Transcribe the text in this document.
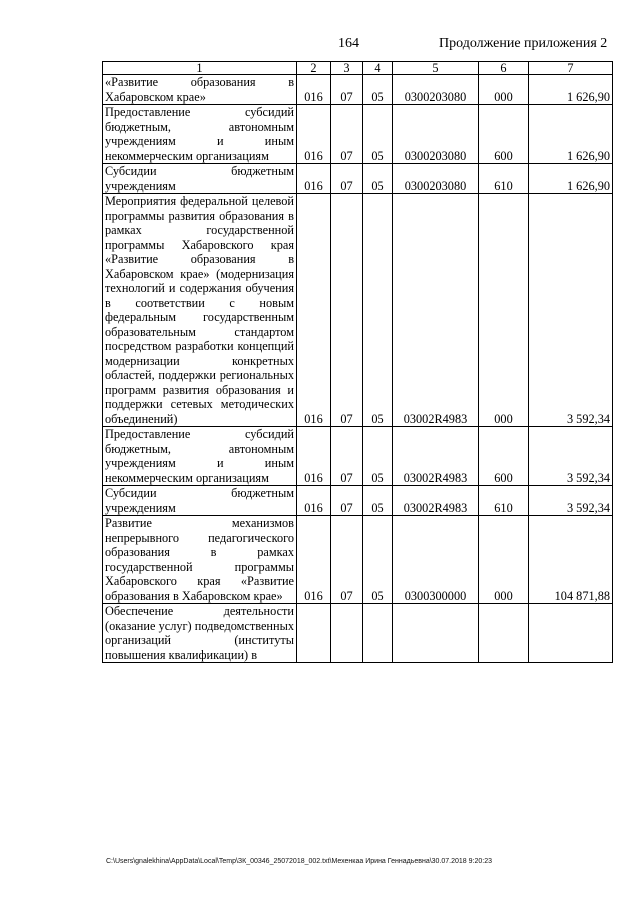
164	Продолжение приложения 2
1	2	3	4	5	6	7
«Развитие образования в Хабаровском крае»	016	07	05	0300203080	000	1 626,90
Предоставление субсидий бюджетным, автономным учреждениям и иным некоммерческим организациям	016	07	05	0300203080	600	1 626,90
Субсидии бюджетным учреждениям	016	07	05	0300203080	610	1 626,90
Мероприятия федеральной целевой программы развития образования в рамках государственной программы Хабаровского края «Развитие образования в Хабаровском крае» (модернизация технологий и содержания обучения в соответствии с новым федеральным государственным образовательным стандартом посредством разработки концепций модернизации конкретных областей, поддержки региональных программ развития образования и поддержки сетевых методических объединений)	016	07	05	03002R4983	000	3 592,34
Предоставление субсидий бюджетным, автономным учреждениям и иным некоммерческим организациям	016	07	05	03002R4983	600	3 592,34
Субсидии бюджетным учреждениям	016	07	05	03002R4983	610	3 592,34
Развитие механизмов непрерывного педагогического образования в рамках государственной программы Хабаровского края «Развитие образования в Хабаровском крае»	016	07	05	0300300000	000	104 871,88
Обеспечение деятельности (оказание услуг) подведомственных организаций (институты повышения квалификации) в						
C:\Users\gnalekhina\AppData\Local\Temp\ЗК_00346_25072018_002.txt\Мехенкаа Ирина Геннадьевна\30.07.2018 9:20:23
